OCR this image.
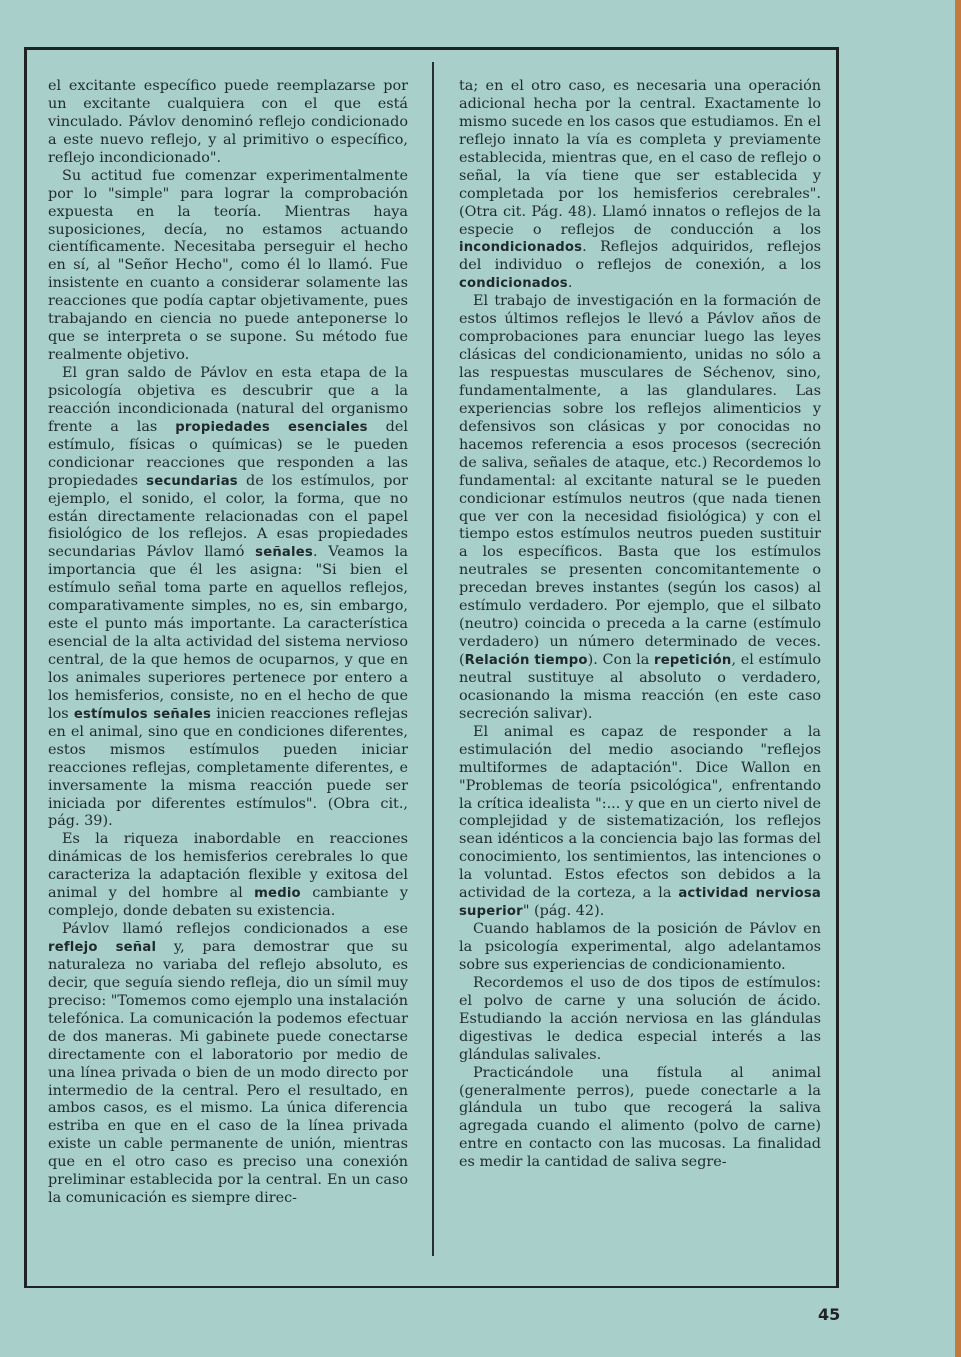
el excitante específico puede reemplazarse por un excitante cualquiera con el que está vinculado. Pávlov denominó reflejo condicionado a este nuevo reflejo, y al primitivo o específico, reflejo incondicionado".

Su actitud fue comenzar experimentalmente por lo "simple" para lograr la comprobación expuesta en la teoría. Mientras haya suposiciones, decía, no estamos actuando científicamente. Necesitaba perseguir el hecho en sí, al "Señor Hecho", como él lo llamó. Fue insistente en cuanto a considerar solamente las reacciones que podía captar objetivamente, pues trabajando en ciencia no puede anteponerse lo que se interpreta o se supone. Su método fue realmente objetivo.

El gran saldo de Pávlov en esta etapa de la psicología objetiva es descubrir que a la reacción incondicionada (natural del organismo frente a las propiedades esenciales del estímulo, físicas o químicas) se le pueden condicionar reacciones que responden a las propiedades secundarias de los estímulos, por ejemplo, el sonido, el color, la forma, que no están directamente relacionadas con el papel fisiológico de los reflejos. A esas propiedades secundarias Pávlov llamó señales. Veamos la importancia que él les asigna: "Si bien el estímulo señal toma parte en aquellos reflejos, comparativamente simples, no es, sin embargo, este el punto más importante. La característica esencial de la alta actividad del sistema nervioso central, de la que hemos de ocuparnos, y que en los animales superiores pertenece por entero a los hemisferios, consiste, no en el hecho de que los estímulos señales inicien reacciones reflejas en el animal, sino que en condiciones diferentes, estos mismos estímulos pueden iniciar reacciones reflejas, completamente diferentes, e inversamente la misma reacción puede ser iniciada por diferentes estímulos". (Obra cit., pág. 39).

Es la riqueza inabordable en reacciones dinámicas de los hemisferios cerebrales lo que caracteriza la adaptación flexible y exitosa del animal y del hombre al medio cambiante y complejo, donde debaten su existencia.

Pávlov llamó reflejos condicionados a ese reflejo señal y, para demostrar que su naturaleza no variaba del reflejo absoluto, es decir, que seguía siendo refleja, dio un símil muy preciso: "Tomemos como ejemplo una instalación telefónica. La comunicación la podemos efectuar de dos maneras. Mi gabinete puede conectarse directamente con el laboratorio por medio de una línea privada o bien de un modo directo por intermedio de la central. Pero el resultado, en ambos casos, es el mismo. La única diferencia estriba en que en el caso de la línea privada existe un cable permanente de unión, mientras que en el otro caso es preciso una conexión preliminar establecida por la central. En un caso la comunicación es siempre direc-

ta; en el otro caso, es necesaria una operación adicional hecha por la central. Exactamente lo mismo sucede en los casos que estudiamos. En el reflejo innato la vía es completa y previamente establecida, mientras que, en el caso de reflejo o señal, la vía tiene que ser establecida y completada por los hemisferios cerebrales". (Otra cit. Pág. 48). Llamó innatos o reflejos de la especie o reflejos de conducción a los incondicionados. Reflejos adquiridos, reflejos del individuo o reflejos de conexión, a los condicionados.

El trabajo de investigación en la formación de estos últimos reflejos le llevó a Pávlov años de comprobaciones para enunciar luego las leyes clásicas del condicionamiento, unidas no sólo a las respuestas musculares de Séchenov, sino, fundamentalmente, a las glandulares. Las experiencias sobre los reflejos alimenticios y defensivos son clásicas y por conocidas no hacemos referencia a esos procesos (secreción de saliva, señales de ataque, etc.) Recordemos lo fundamental: al excitante natural se le pueden condicionar estímulos neutros (que nada tienen que ver con la necesidad fisiológica) y con el tiempo estos estímulos neutros pueden sustituir a los específicos. Basta que los estímulos neutrales se presenten concomitantemente o precedan breves instantes (según los casos) al estímulo verdadero. Por ejemplo, que el silbato (neutro) coincida o preceda a la carne (estímulo verdadero) un número determinado de veces. (Relación tiempo). Con la repetición, el estímulo neutral sustituye al absoluto o verdadero, ocasionando la misma reacción (en este caso secreción salivar).

El animal es capaz de responder a la estimulación del medio asociando "reflejos multiformes de adaptación". Dice Wallon en "Problemas de teoría psicológica", enfrentando la crítica idealista ":... y que en un cierto nivel de complejidad y de sistematización, los reflejos sean idénticos a la conciencia bajo las formas del conocimiento, los sentimientos, las intenciones o la voluntad. Estos efectos son debidos a la actividad de la corteza, a la actividad nerviosa superior" (pág. 42).

Cuando hablamos de la posición de Pávlov en la psicología experimental, algo adelantamos sobre sus experiencias de condicionamiento.

Recordemos el uso de dos tipos de estímulos: el polvo de carne y una solución de ácido. Estudiando la acción nerviosa en las glándulas digestivas le dedica especial interés a las glándulas salivales.

Practicándole una fístula al animal (generalmente perros), puede conectarle a la glándula un tubo que recogerá la saliva agregada cuando el alimento (polvo de carne) entre en contacto con las mucosas. La finalidad es medir la cantidad de saliva segre-

45
